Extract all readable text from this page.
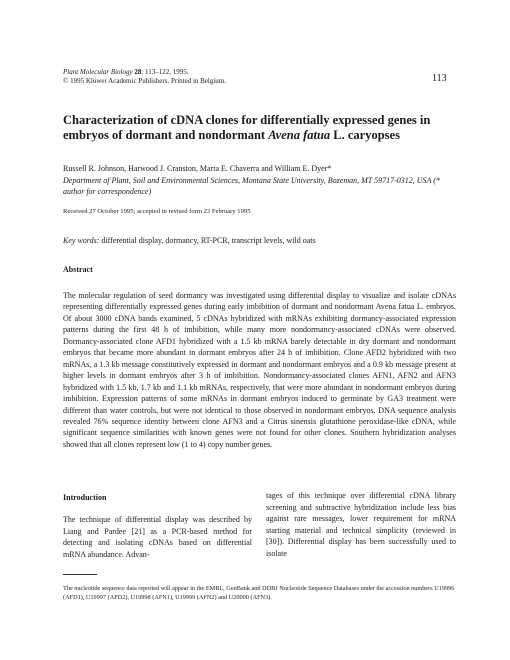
Plant Molecular Biology 28: 113–122, 1995.
© 1995 Kluwer Academic Publishers. Printed in Belgium.	113
Characterization of cDNA clones for differentially expressed genes in embryos of dormant and nondormant Avena fatua L. caryopses
Russell R. Johnson, Harwood J. Cranston, Marta E. Chaverra and William E. Dyer*
Department of Plant, Soil and Environmental Sciences, Montana State University, Bozeman, MT 59717-0312, USA (* author for correspondence)
Received 27 October 1995; accepted in revised form 23 February 1995
Key words: differential display, dormancy, RT-PCR, transcript levels, wild oats
Abstract

The molecular regulation of seed dormancy was investigated using differential display to visualize and isolate cDNAs representing differentially expressed genes during early imbibition of dormant and nondormant Avena fatua L. embryos. Of about 3000 cDNA bands examined, 5 cDNAs hybridized with mRNAs exhibiting dormancy-associated expression patterns during the first 48 h of imbibition, while many more nondormancy-associated cDNAs were observed. Dormancy-associated clone AFD1 hybridized with a 1.5 kb mRNA barely detectable in dry dormant and nondormant embryos that became more abundant in dormant embryos after 24 h of imbibition. Clone AFD2 hybridized with two mRNAs, a 1.3 kb message constitutively expressed in dormant and nondormant embryos and a 0.9 kb message present at higher levels in dormant embryos after 3 h of imbibition. Nondormancy-associated clones AFN1, AFN2 and AFN3 hybridized with 1.5 kb, 1.7 kb and 1.1 kb mRNAs, respectively, that were more abundant in nondormant embryos during imbibition. Expression patterns of some mRNAs in dormant embryos induced to germinate by GA3 treatment were different than water controls, but were not identical to those observed in nondormant embryos. DNA sequence analysis revealed 76% sequence identity between clone AFN3 and a Citrus sinensis glutathione peroxidase-like cDNA, while significant sequence similarities with known genes were not found for other clones. Southern hybridization analyses showed that all clones represent low (1 to 4) copy number genes.

Introduction

The technique of differential display was described by Liang and Pardee [21] as a PCR-based method for detecting and isolating cDNAs based on differential mRNA abundance. Advan-

tages of this technique over differential cDNA library screening and subtractive hybridization include less bias against rare messages, lower requirement for mRNA starting material and technical simplicity (reviewed in [30]). Differential display has been successfully used to isolate

The nucleotide sequence data reported will appear in the EMBL, GenBank and DDBJ Nucleotide Sequence Databases under the accession numbers U19996 (AFD1), U19997 (AFD2), U19998 (AFN1), U19999 (AFN2) and U20000 (AFN3).
